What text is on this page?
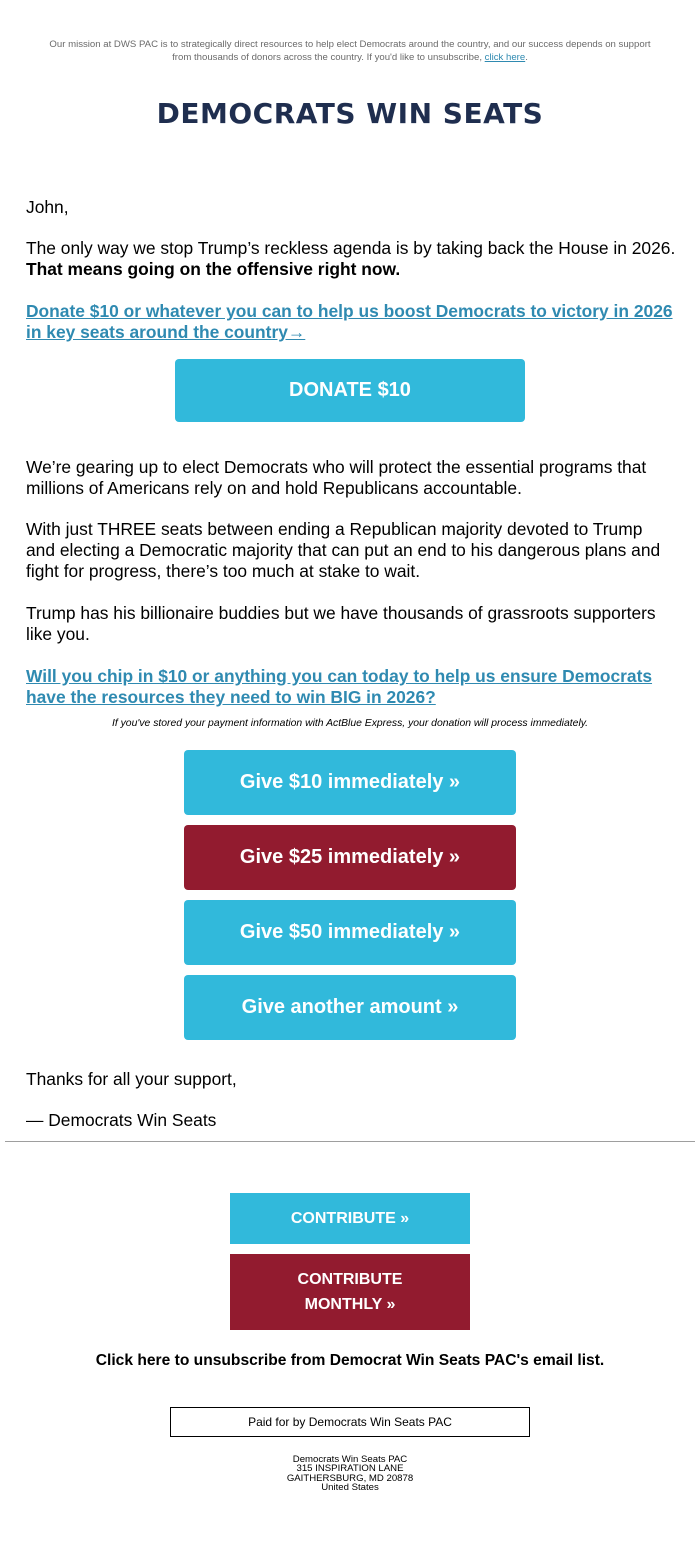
Our mission at DWS PAC is to strategically direct resources to help elect Democrats around the country, and our success depends on support from thousands of donors across the country. If you'd like to unsubscribe, click here.
DEMOCRATS WIN SEATS

John,

The only way we stop Trump’s reckless agenda is by taking back the House in 2026. That means going on the offensive right now.

Donate $10 or whatever you can to help us boost Democrats to victory in 2026 in key seats around the country→

DONATE $10

We’re gearing up to elect Democrats who will protect the essential programs that millions of Americans rely on and hold Republicans accountable.

With just THREE seats between ending a Republican majority devoted to Trump and electing a Democratic majority that can put an end to his dangerous plans and fight for progress, there’s too much at stake to wait.

Trump has his billionaire buddies but we have thousands of grassroots supporters like you.

Will you chip in $10 or anything you can today to help us ensure Democrats have the resources they need to win BIG in 2026?

If you've stored your payment information with ActBlue Express, your donation will process immediately.
Give $10 immediately »
Give $25 immediately »
Give $50 immediately »
Give another amount »

Thanks for all your support,

— Democrats Win Seats

CONTRIBUTE »
CONTRIBUTE
MONTHLY »
Click here to unsubscribe from Democrat Win Seats PAC's email list.
Paid for by Democrats Win Seats PAC
Democrats Win Seats PAC
315 INSPIRATION LANE
GAITHERSBURG, MD 20878
United States
